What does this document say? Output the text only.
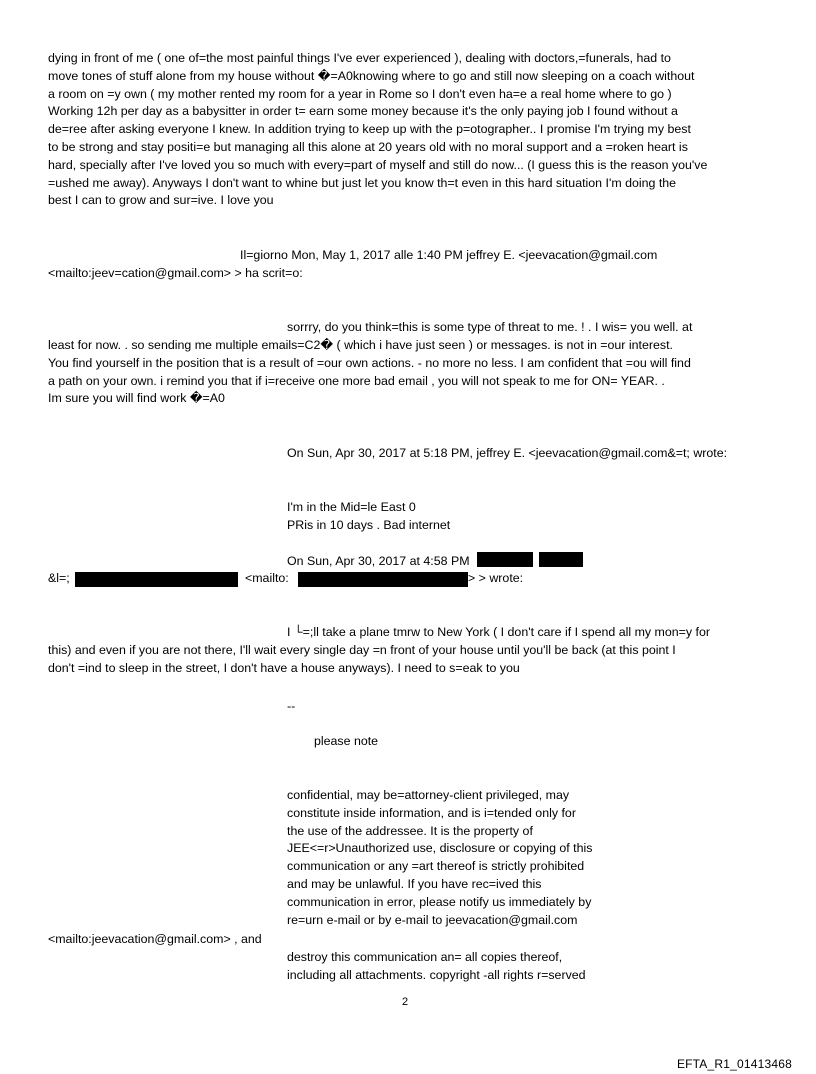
dying in front of me ( one of=the most painful things I've ever experienced ), dealing with doctors,=funerals, had to
move tones of stuff alone from my house without �=A0knowing where to go and still now sleeping on a coach without
a room on =y own ( my mother rented my room for a year in Rome so I don't even ha=e a real home where to go )
Working 12h per day as a babysitter in order t= earn some money because it's the only paying job I found without a
de=ree after asking everyone I knew. In addition trying to keep up with the p=otographer.. I promise I'm trying my best
to be strong and stay positi=e but managing all this alone at 20 years old with no moral support and a =roken heart is
hard, specially after I've loved you so much with every=part of myself and still do now... (I guess this is the reason you've
=ushed me away). Anyways I don't want to whine but just let you know th=t even in this hard situation I'm doing the
best I can to grow and sur=ive. I love you
Il=giorno Mon, May 1, 2017 alle 1:40 PM jeffrey E. <jeevacation@gmail.com
<mailto:jeev=cation@gmail.com> > ha scrit=o:
sorrry, do you think=this is some type of threat to me. ! . I wis= you well. at
least for now. . so sending me multiple emails=C2� ( which i have just seen ) or messages. is not in =our interest.
You find yourself in the position that is a result of =our own actions. - no more no less. I am confident that =ou will find
a path on your own. i remind you that if i=receive one more bad email , you will not speak to me for ON= YEAR. .
Im sure you will find work �=A0
On Sun, Apr 30, 2017 at 5:18 PM, jeffrey E. <jeevacation@gmail.com&=t; wrote:
I'm in the Mid=le East 0
PRis in 10 days . Bad internet
On Sun, Apr 30, 2017 at 4:58 PM
&l=;	<mailto:	> > wrote:
I └=;ll take a plane tmrw to New York ( I don't care if I spend all my mon=y for
this) and even if you are not there, I'll wait every single day =n front of your house until you'll be back (at this point I
don't =ind to sleep in the street, I don't have a house anyways). I need to s=eak to you
--
please note
confidential, may be=attorney-client privileged, may
constitute inside information, and is i=tended only for
the use of the addressee. It is the property of
JEE<=r>Unauthorized use, disclosure or copying of this
communication or any =art thereof is strictly prohibited
and may be unlawful. If you have rec=ived this
communication in error, please notify us immediately by
re=urn e-mail or by e-mail to jeevacation@gmail.com
<mailto:jeevacation@gmail.com> , and
destroy this communication an= all copies thereof,
including all attachments. copyright -all rights r=served
2
EFTA_R1_01413468
